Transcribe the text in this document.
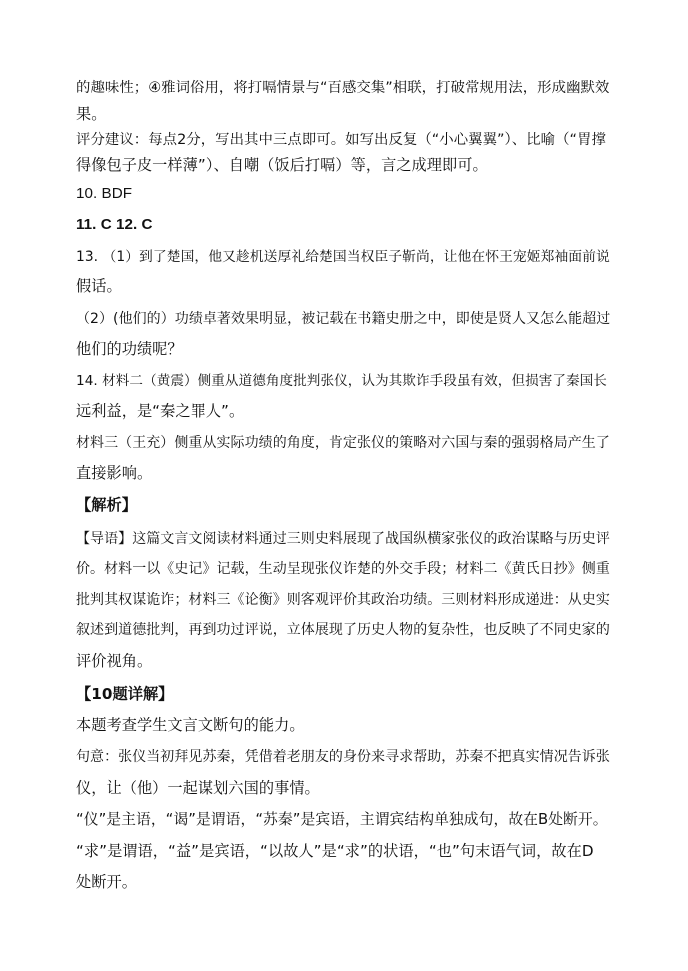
的趣味性；④雅词俗用，将打嗝情景与“百感交集”相联，打破常规用法，形成幽默效
果。
评分建议：每点2分，写出其中三点即可。如写出反复（“小心翼翼”）、比喻（“胃撑
得像包子皮一样薄”）、自嘲（饭后打嗝）等，言之成理即可。
10. BDF
11. C 12. C
13. （1）到了楚国，他又趁机送厚礼给楚国当权臣子靳尚，让他在怀王宠姬郑袖面前说
假话。
（2）(他们的）功绩卓著效果明显，被记载在书籍史册之中，即使是贤人又怎么能超过
他们的功绩呢？
14. 材料二（黄震）侧重从道德角度批判张仪，认为其欺诈手段虽有效，但损害了秦国长
远利益，是“秦之罪人”。
材料三（王充）侧重从实际功绩的角度，肯定张仪的策略对六国与秦的强弱格局产生了
直接影响。
【解析】
【导语】这篇文言文阅读材料通过三则史料展现了战国纵横家张仪的政治谋略与历史评
价。材料一以《史记》记载，生动呈现张仪诈楚的外交手段；材料二《黄氏日抄》侧重
批判其权谋诡诈；材料三《论衡》则客观评价其政治功绩。三则材料形成递进：从史实
叙述到道德批判，再到功过评说，立体展现了历史人物的复杂性，也反映了不同史家的
评价视角。
【10题详解】
本题考查学生文言文断句的能力。
句意：张仪当初拜见苏秦，凭借着老朋友的身份来寻求帮助，苏秦不把真实情况告诉张
仪，让（他）一起谋划六国的事情。
“仪”是主语，“谒”是谓语，“苏秦”是宾语，主谓宾结构单独成句，故在B处断开。
“求”是谓语，“益”是宾语，“以故人”是“求”的状语，“也”句末语气词，故在D
处断开。
